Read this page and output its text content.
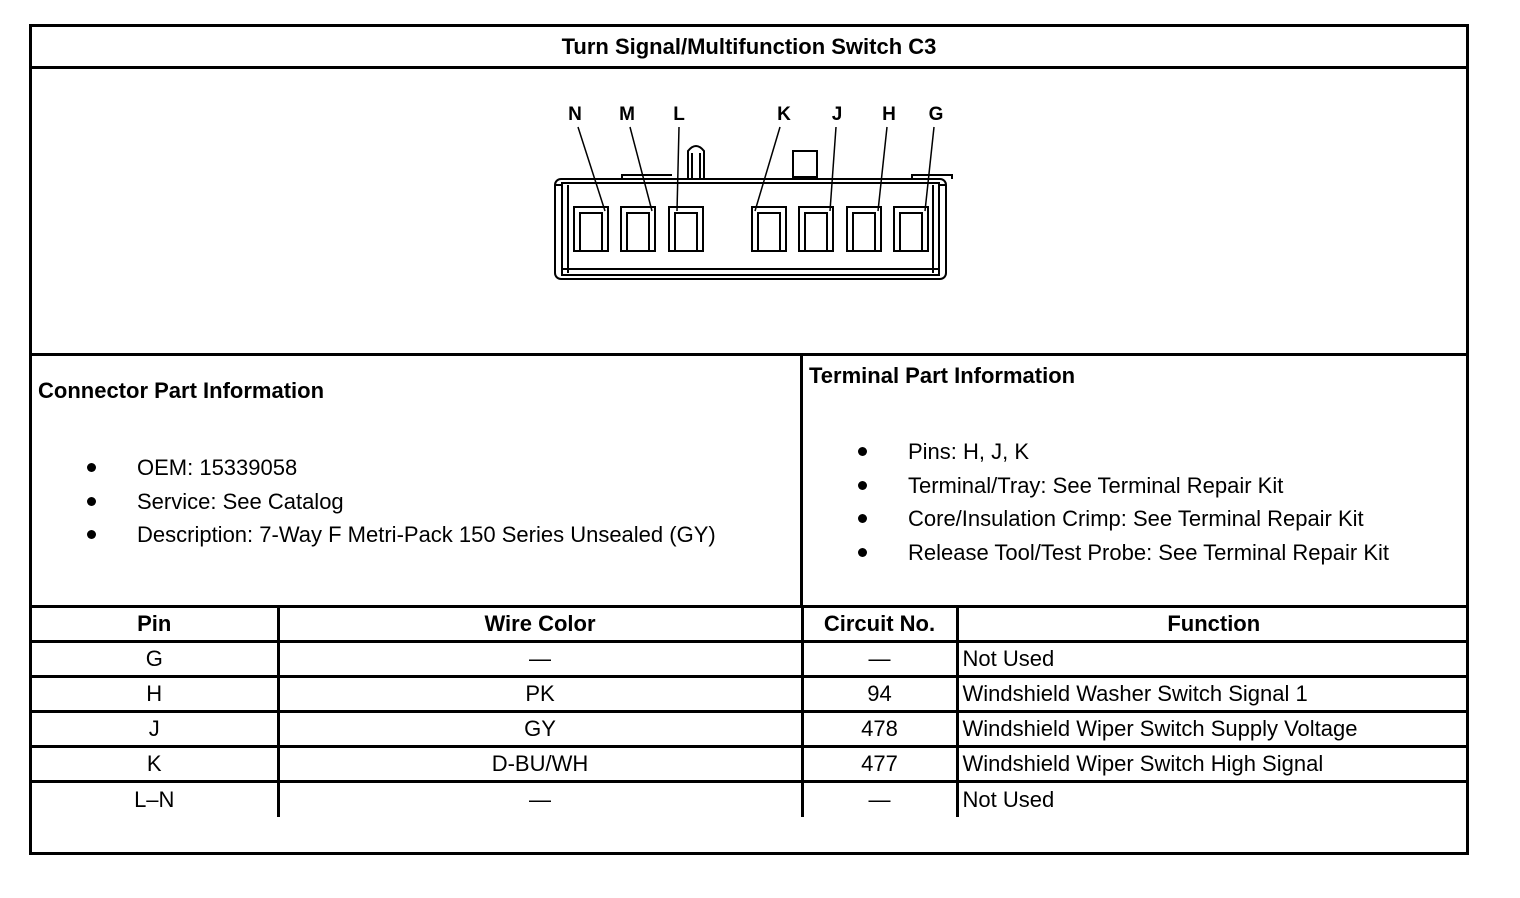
Turn Signal/Multifunction Switch C3
N M L	K J H G
Connector Part Information
OEM: 15339058
Service: See Catalog
Description: 7-Way F Metri-Pack 150 Series Unsealed (GY)
Terminal Part Information
Pins: H, J, K
Terminal/Tray: See Terminal Repair Kit
Core/Insulation Crimp: See Terminal Repair Kit
Release Tool/Test Probe: See Terminal Repair Kit
Pin	Wire Color	Circuit No.	Function
G	—	—	Not Used
H	PK	94	Windshield Washer Switch Signal 1
J	GY	478	Windshield Wiper Switch Supply Voltage
K	D-BU/WH	477	Windshield Wiper Switch High Signal
L–N	—	—	Not Used
